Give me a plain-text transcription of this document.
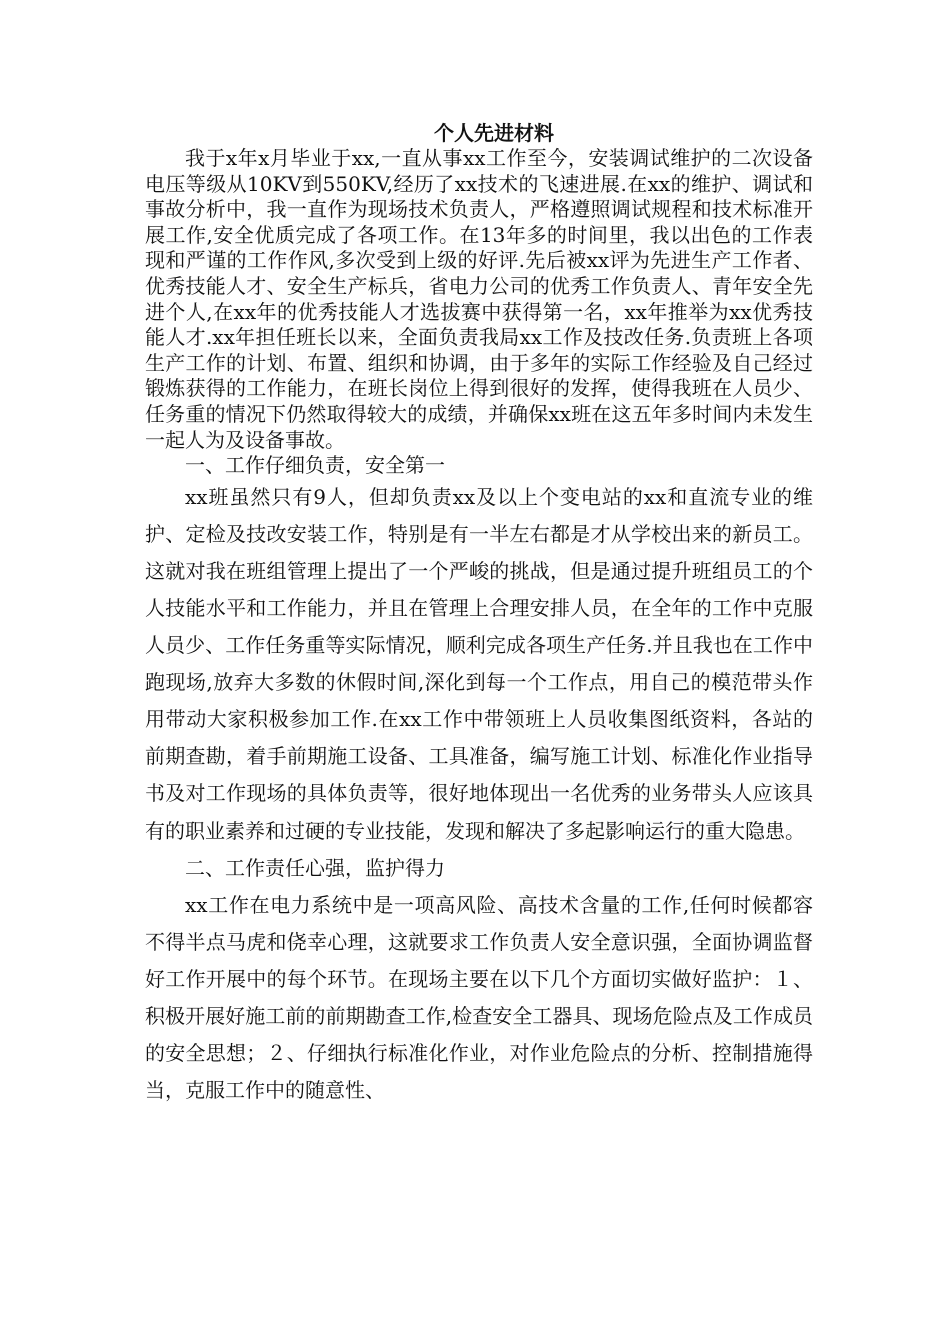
个人先进材料

我于x年x月毕业于xx,一直从事xx工作至今，安装调试维护的二次设备电压等级从10KV到550KV,经历了xx技术的飞速进展.在xx的维护、调试和事故分析中，我一直作为现场技术负责人，严格遵照调试规程和技术标准开展工作,安全优质完成了各项工作。在13年多的时间里，我以出色的工作表现和严谨的工作作风,多次受到上级的好评.先后被xx评为先进生产工作者、优秀技能人才、安全生产标兵，省电力公司的优秀工作负责人、青年安全先进个人,在xx年的优秀技能人才选拔赛中获得第一名，xx年推举为xx优秀技能人才.xx年担任班长以来，全面负责我局xx工作及技改任务.负责班上各项生产工作的计划、布置、组织和协调，由于多年的实际工作经验及自己经过锻炼获得的工作能力，在班长岗位上得到很好的发挥，使得我班在人员少、任务重的情况下仍然取得较大的成绩，并确保xx班在这五年多时间内未发生一起人为及设备事故。

一、工作仔细负责，安全第一

xx班虽然只有9人，但却负责xx及以上个变电站的xx和直流专业的维护、定检及技改安装工作，特别是有一半左右都是才从学校出来的新员工。这就对我在班组管理上提出了一个严峻的挑战，但是通过提升班组员工的个人技能水平和工作能力，并且在管理上合理安排人员，在全年的工作中克服人员少、工作任务重等实际情况，顺利完成各项生产任务.并且我也在工作中跑现场,放弃大多数的休假时间,深化到每一个工作点，用自己的模范带头作用带动大家积极参加工作.在xx工作中带领班上人员收集图纸资料，各站的前期查勘，着手前期施工设备、工具准备，编写施工计划、标准化作业指导书及对工作现场的具体负责等，很好地体现出一名优秀的业务带头人应该具有的职业素养和过硬的专业技能，发现和解决了多起影响运行的重大隐患。

二、工作责任心强，监护得力

xx工作在电力系统中是一项高风险、高技术含量的工作,任何时候都容不得半点马虎和侥幸心理，这就要求工作负责人安全意识强，全面协调监督好工作开展中的每个环节。在现场主要在以下几个方面切实做好监护：１、积极开展好施工前的前期勘查工作,检查安全工器具、现场危险点及工作成员的安全思想；２、仔细执行标准化作业，对作业危险点的分析、控制措施得当，克服工作中的随意性、
